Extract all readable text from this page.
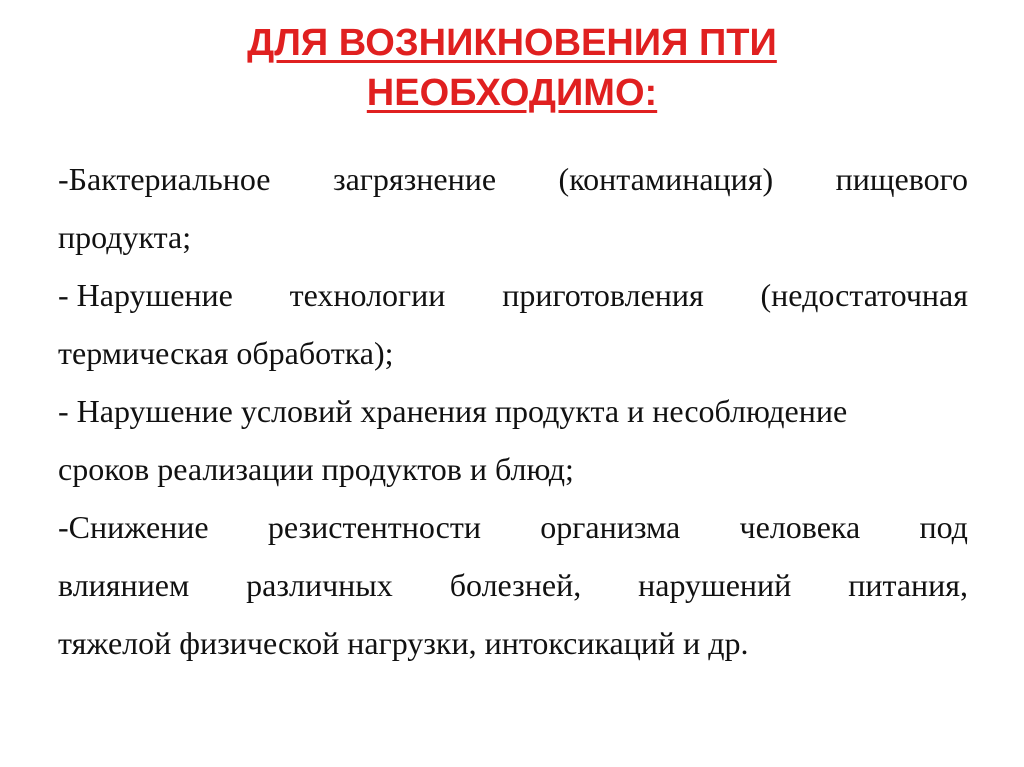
ДЛЯ ВОЗНИКНОВЕНИЯ ПТИ
НЕОБХОДИМО:
-Бактериальное загрязнение (контаминация) пищевого
продукта;
- Нарушение технологии приготовления (недостаточная
термическая обработка);
- Нарушение условий хранения продукта и несоблюдение
сроков реализации продуктов и блюд;
-Снижение резистентности организма человека под
влиянием различных болезней, нарушений питания,
тяжелой физической нагрузки, интоксикаций и др.
